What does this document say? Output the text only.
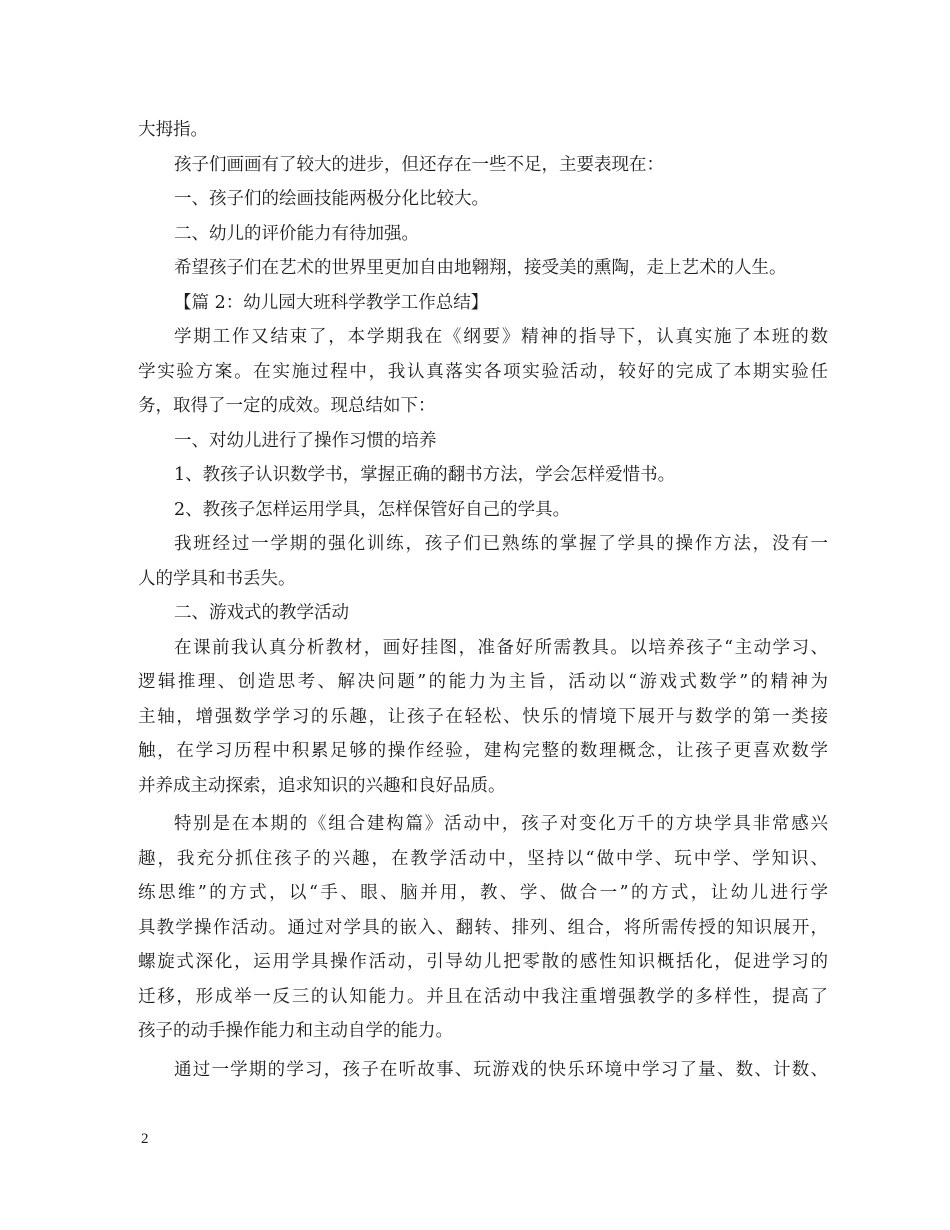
大拇指。
孩子们画画有了较大的进步，但还存在一些不足，主要表现在：
一、孩子们的绘画技能两极分化比较大。
二、幼儿的评价能力有待加强。
希望孩子们在艺术的世界里更加自由地翱翔，接受美的熏陶，走上艺术的人生。
【篇 2：幼儿园大班科学教学工作总结】
学期工作又结束了，本学期我在《纲要》精神的指导下，认真实施了本班的数
学实验方案。在实施过程中，我认真落实各项实验活动，较好的完成了本期实验任
务，取得了一定的成效。现总结如下：
一、对幼儿进行了操作习惯的培养
1、教孩子认识数学书，掌握正确的翻书方法，学会怎样爱惜书。
2、教孩子怎样运用学具，怎样保管好自己的学具。
我班经过一学期的强化训练，孩子们已熟练的掌握了学具的操作方法，没有一
人的学具和书丢失。
二、游戏式的教学活动
在课前我认真分析教材，画好挂图，准备好所需教具。以培养孩子“主动学习、
逻辑推理、创造思考、解决问题”的能力为主旨，活动以“游戏式数学”的精神为
主轴，增强数学学习的乐趣，让孩子在轻松、快乐的情境下展开与数学的第一类接
触，在学习历程中积累足够的操作经验，建构完整的数理概念，让孩子更喜欢数学
并养成主动探索，追求知识的兴趣和良好品质。
特别是在本期的《组合建构篇》活动中，孩子对变化万千的方块学具非常感兴
趣，我充分抓住孩子的兴趣，在教学活动中，坚持以“做中学、玩中学、学知识、
练思维”的方式，以“手、眼、脑并用，教、学、做合一”的方式，让幼儿进行学
具教学操作活动。通过对学具的嵌入、翻转、排列、组合，将所需传授的知识展开，
螺旋式深化，运用学具操作活动，引导幼儿把零散的感性知识概括化，促进学习的
迁移，形成举一反三的认知能力。并且在活动中我注重增强教学的多样性，提高了
孩子的动手操作能力和主动自学的能力。
通过一学期的学习，孩子在听故事、玩游戏的快乐环境中学习了量、数、计数、
2
